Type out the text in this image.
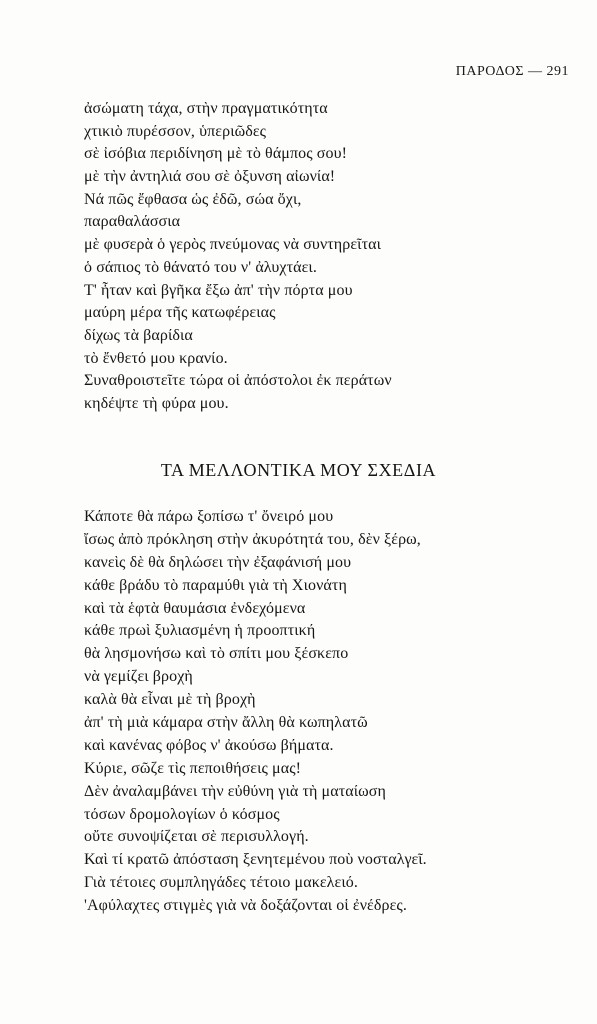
ΠΑΡΟΔΟΣ — 291
ἀσώματη τάχα, στὴν πραγματικότητα
χτικιὸ πυρέσσον, ὑπεριῶδες
σὲ ἰσόβια περιδίνηση μὲ τὸ θάμπος σου!
μὲ τὴν ἀντηλιά σου σὲ ὀξυνση αἰωνία!
Νά πῶς ἔφθασα ὡς ἐδῶ, σώα ὄχι,
παραθαλάσσια
μὲ φυσερὰ ὁ γερὸς πνεύμονας νὰ συντηρεῖται
ὁ σάπιος τὸ θάνατό του ν' ἀλυχτάει.
Τ' ἦταν καὶ βγῆκα ἔξω ἀπ' τὴν πόρτα μου
μαύρη μέρα τῆς κατωφέρειας
δίχως τὰ βαρίδια
τὸ ἔνθετό μου κρανίο.
Συναθροιστεῖτε τώρα οἱ ἀπόστολοι ἐκ περάτων
κηδέψτε τὴ φύρα μου.
ΤΑ ΜΕΛΛΟΝΤΙΚΑ ΜΟΥ ΣΧΕΔΙΑ
Κάποτε θὰ πάρω ξοπίσω τ' ὄνειρό μου
ἴσως ἀπὸ πρόκληση στὴν ἀκυρότητά του, δὲν ξέρω,
κανεὶς δὲ θὰ δηλώσει τὴν ἐξαφάνισή μου
κάθε βράδυ τὸ παραμύθι γιὰ τὴ Χιονάτη
καὶ τὰ ἑφτὰ θαυμάσια ἐνδεχόμενα
κάθε πρωὶ ξυλιασμένη ἡ προοπτική
θὰ λησμονήσω καὶ τὸ σπίτι μου ξέσκεπο
νὰ γεμίζει βροχὴ
καλὰ θὰ εἶναι μὲ τὴ βροχὴ
ἀπ' τὴ μιὰ κάμαρα στὴν ἄλλη θὰ κωπηλατῶ
καὶ κανένας φόβος ν' ἀκούσω βήματα.
Κύριε, σῶζε τὶς πεποιθήσεις μας!
Δὲν ἀναλαμβάνει τὴν εὐθύνη γιὰ τὴ ματαίωση
τόσων δρομολογίων ὁ κόσμος
οὔτε συνοψίζεται σὲ περισυλλογή.
Καὶ τί κρατῶ ἀπόσταση ξενητεμένου ποὺ νοσταλγεῖ.
Γιὰ τέτοιες συμπληγάδες τέτοιο μακελειό.
'Αφύλαχτες στιγμὲς γιὰ νὰ δοξάζονται οἱ ἐνέδρες.
